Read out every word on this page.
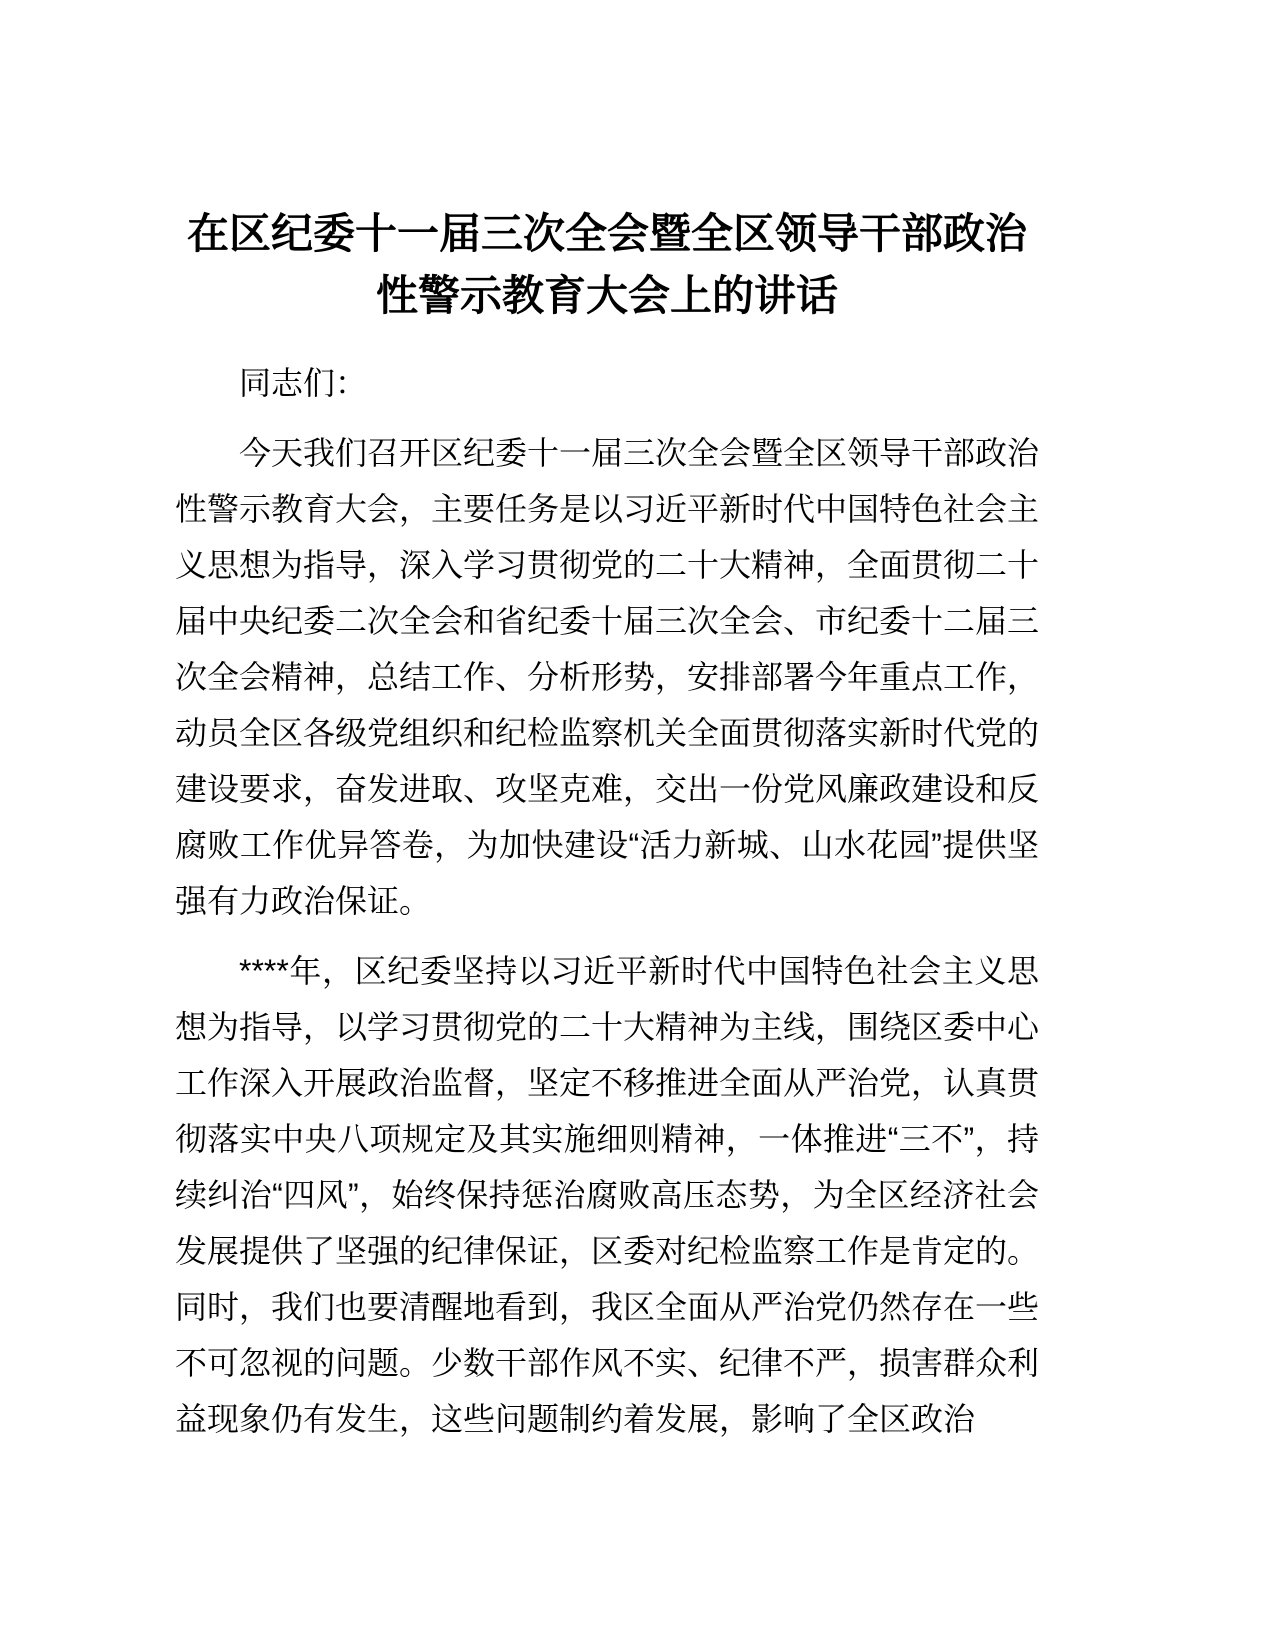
在区纪委十一届三次全会暨全区领导干部政治性警示教育大会上的讲话

同志们：

今天我们召开区纪委十一届三次全会暨全区领导干部政治性警示教育大会，主要任务是以习近平新时代中国特色社会主义思想为指导，深入学习贯彻党的二十大精神，全面贯彻二十届中央纪委二次全会和省纪委十届三次全会、市纪委十二届三次全会精神，总结工作、分析形势，安排部署今年重点工作，动员全区各级党组织和纪检监察机关全面贯彻落实新时代党的建设要求，奋发进取、攻坚克难，交出一份党风廉政建设和反腐败工作优异答卷，为加快建设“活力新城、山水花园”提供坚强有力政治保证。

****年，区纪委坚持以习近平新时代中国特色社会主义思想为指导，以学习贯彻党的二十大精神为主线，围绕区委中心工作深入开展政治监督，坚定不移推进全面从严治党，认真贯彻落实中央八项规定及其实施细则精神，一体推进“三不”，持续纠治“四风”，始终保持惩治腐败高压态势，为全区经济社会发展提供了坚强的纪律保证，区委对纪检监察工作是肯定的。同时，我们也要清醒地看到，我区全面从严治党仍然存在一些不可忽视的问题。少数干部作风不实、纪律不严，损害群众利益现象仍有发生，这些问题制约着发展，影响了全区政治
